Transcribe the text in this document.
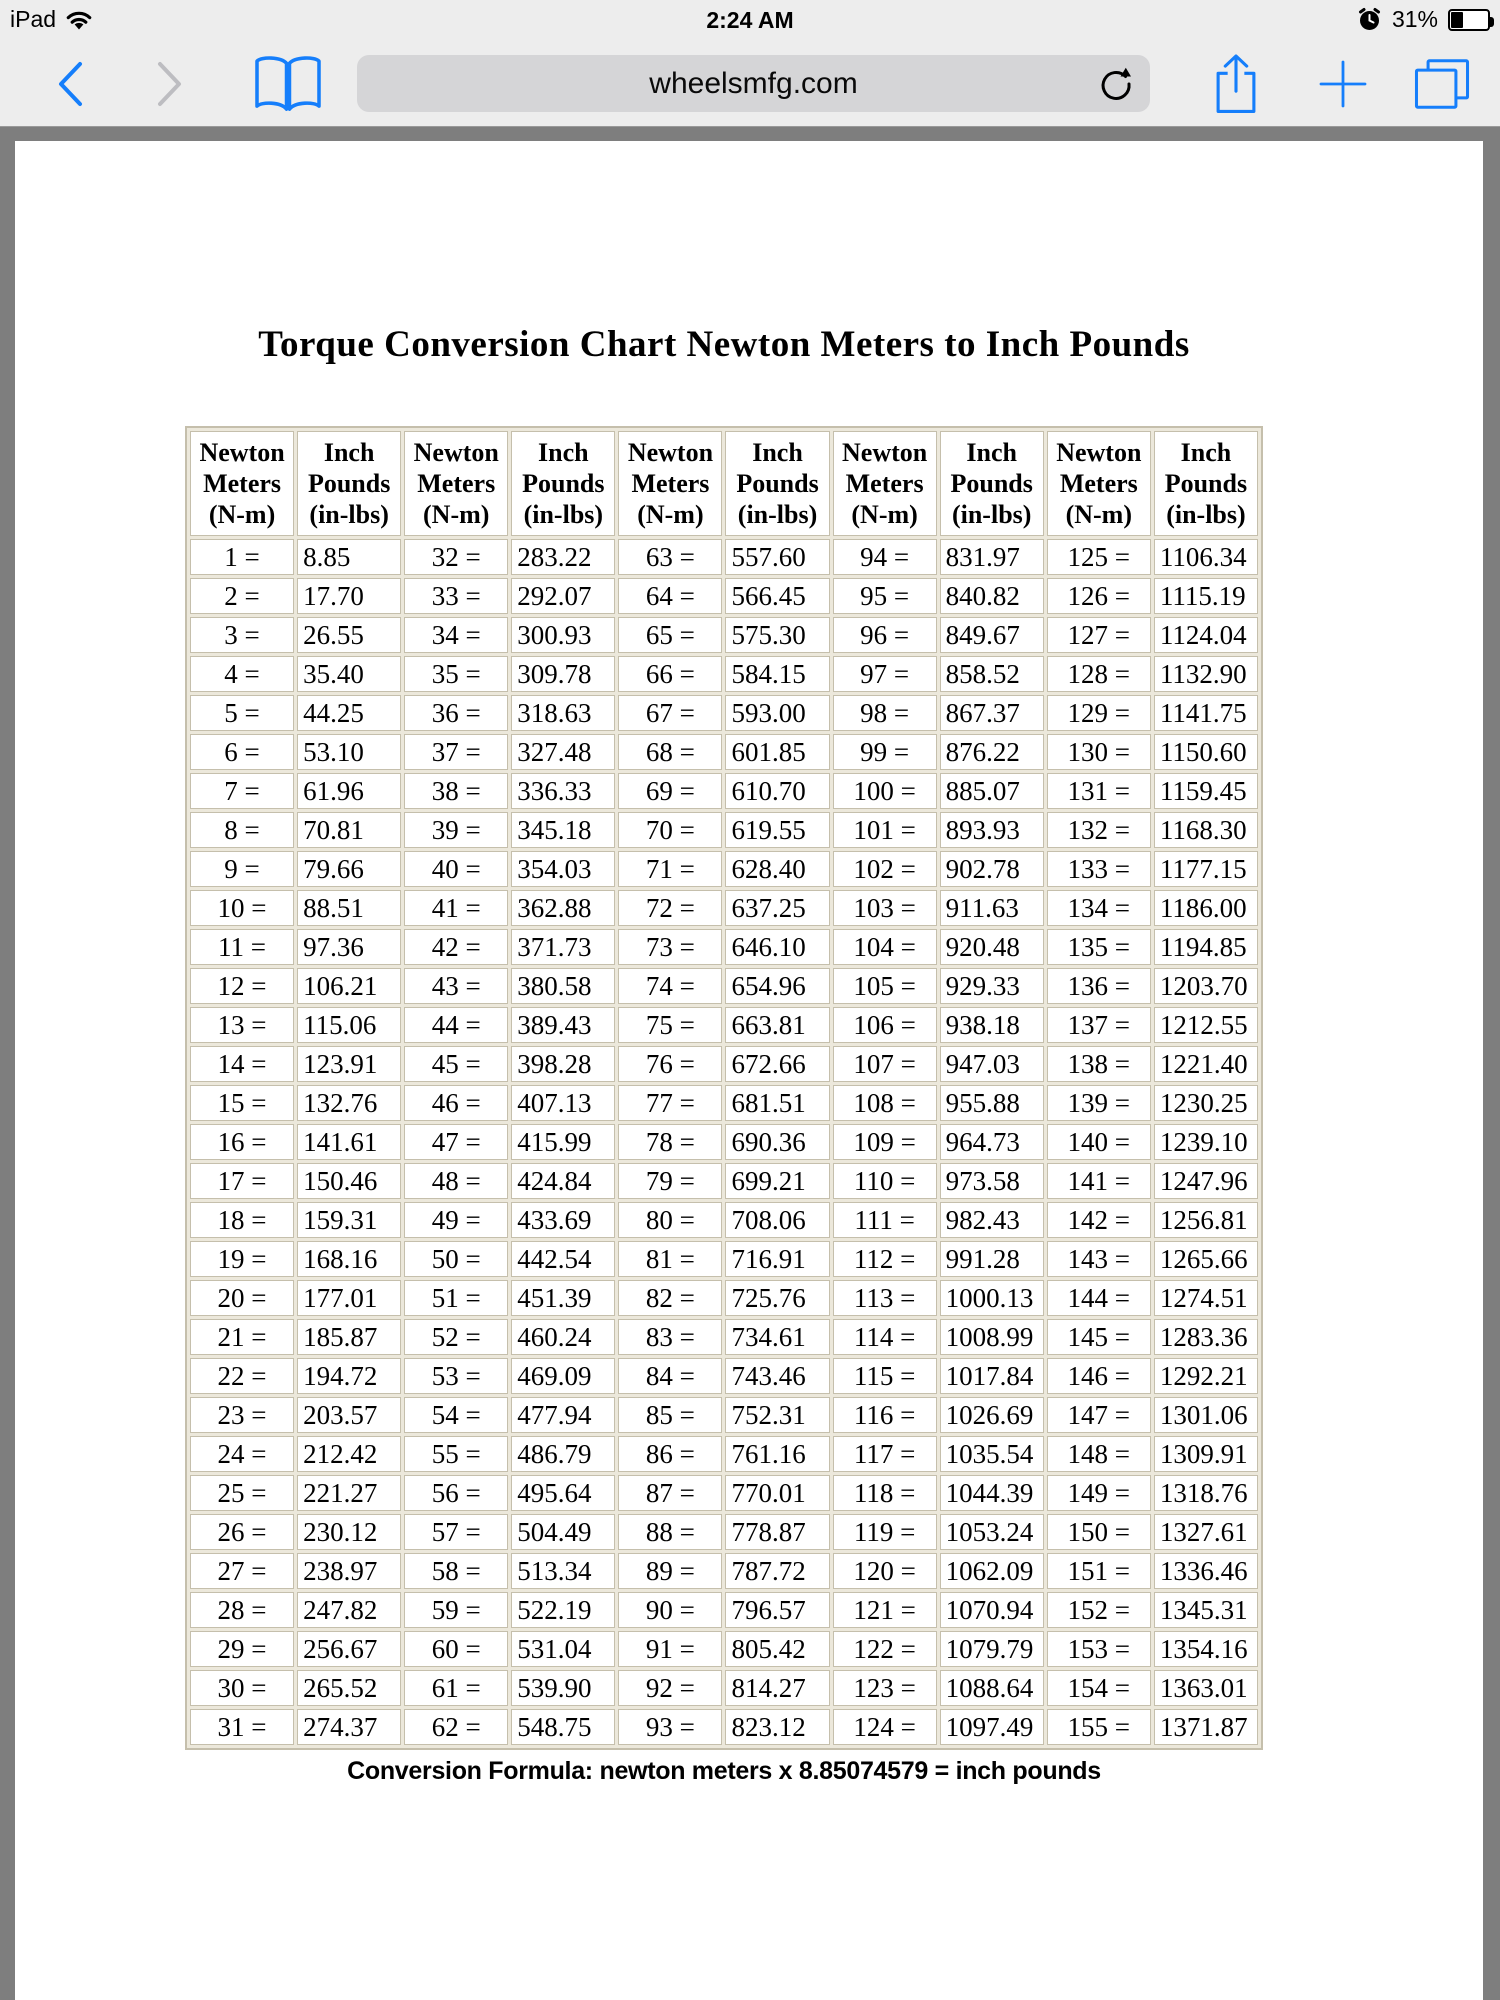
iPad	2:24 AM	31%
wheelsmfg.com
Torque Conversion Chart Newton Meters to Inch Pounds
Newton Meters (N-m)	Inch Pounds (in-lbs)	Newton Meters (N-m)	Inch Pounds (in-lbs)	Newton Meters (N-m)	Inch Pounds (in-lbs)	Newton Meters (N-m)	Inch Pounds (in-lbs)	Newton Meters (N-m)	Inch Pounds (in-lbs)
1 =	8.85	32 =	283.22	63 =	557.60	94 =	831.97	125 =	1106.34
2 =	17.70	33 =	292.07	64 =	566.45	95 =	840.82	126 =	1115.19
3 =	26.55	34 =	300.93	65 =	575.30	96 =	849.67	127 =	1124.04
4 =	35.40	35 =	309.78	66 =	584.15	97 =	858.52	128 =	1132.90
5 =	44.25	36 =	318.63	67 =	593.00	98 =	867.37	129 =	1141.75
6 =	53.10	37 =	327.48	68 =	601.85	99 =	876.22	130 =	1150.60
7 =	61.96	38 =	336.33	69 =	610.70	100 =	885.07	131 =	1159.45
8 =	70.81	39 =	345.18	70 =	619.55	101 =	893.93	132 =	1168.30
9 =	79.66	40 =	354.03	71 =	628.40	102 =	902.78	133 =	1177.15
10 =	88.51	41 =	362.88	72 =	637.25	103 =	911.63	134 =	1186.00
11 =	97.36	42 =	371.73	73 =	646.10	104 =	920.48	135 =	1194.85
12 =	106.21	43 =	380.58	74 =	654.96	105 =	929.33	136 =	1203.70
13 =	115.06	44 =	389.43	75 =	663.81	106 =	938.18	137 =	1212.55
14 =	123.91	45 =	398.28	76 =	672.66	107 =	947.03	138 =	1221.40
15 =	132.76	46 =	407.13	77 =	681.51	108 =	955.88	139 =	1230.25
16 =	141.61	47 =	415.99	78 =	690.36	109 =	964.73	140 =	1239.10
17 =	150.46	48 =	424.84	79 =	699.21	110 =	973.58	141 =	1247.96
18 =	159.31	49 =	433.69	80 =	708.06	111 =	982.43	142 =	1256.81
19 =	168.16	50 =	442.54	81 =	716.91	112 =	991.28	143 =	1265.66
20 =	177.01	51 =	451.39	82 =	725.76	113 =	1000.13	144 =	1274.51
21 =	185.87	52 =	460.24	83 =	734.61	114 =	1008.99	145 =	1283.36
22 =	194.72	53 =	469.09	84 =	743.46	115 =	1017.84	146 =	1292.21
23 =	203.57	54 =	477.94	85 =	752.31	116 =	1026.69	147 =	1301.06
24 =	212.42	55 =	486.79	86 =	761.16	117 =	1035.54	148 =	1309.91
25 =	221.27	56 =	495.64	87 =	770.01	118 =	1044.39	149 =	1318.76
26 =	230.12	57 =	504.49	88 =	778.87	119 =	1053.24	150 =	1327.61
27 =	238.97	58 =	513.34	89 =	787.72	120 =	1062.09	151 =	1336.46
28 =	247.82	59 =	522.19	90 =	796.57	121 =	1070.94	152 =	1345.31
29 =	256.67	60 =	531.04	91 =	805.42	122 =	1079.79	153 =	1354.16
30 =	265.52	61 =	539.90	92 =	814.27	123 =	1088.64	154 =	1363.01
31 =	274.37	62 =	548.75	93 =	823.12	124 =	1097.49	155 =	1371.87
Conversion Formula: newton meters x 8.85074579 = inch pounds
